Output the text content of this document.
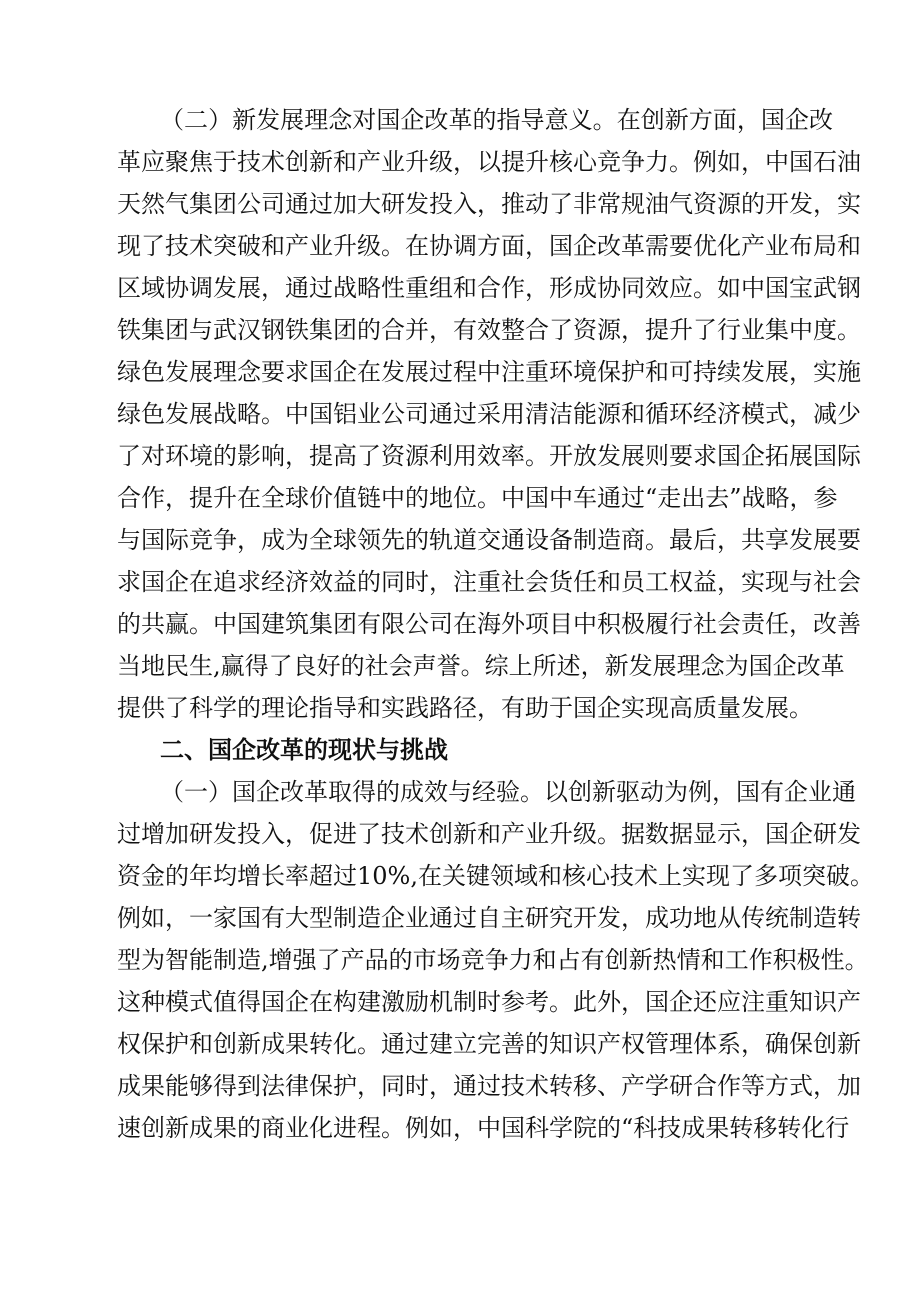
（二）新发展理念对国企改革的指导意义。在创新方面，国企改
革应聚焦于技术创新和产业升级，以提升核心竞争力。例如，中国石油
天然气集团公司通过加大研发投入，推动了非常规油气资源的开发，实
现了技术突破和产业升级。在协调方面，国企改革需要优化产业布局和
区域协调发展，通过战略性重组和合作，形成协同效应。如中国宝武钢
铁集团与武汉钢铁集团的合并，有效整合了资源，提升了行业集中度。
绿色发展理念要求国企在发展过程中注重环境保护和可持续发展，实施
绿色发展战略。中国铝业公司通过采用清洁能源和循环经济模式，减少
了对环境的影响，提高了资源利用效率。开放发展则要求国企拓展国际
合作，提升在全球价值链中的地位。中国中车通过“走出去”战略，参
与国际竞争，成为全球领先的轨道交通设备制造商。最后，共享发展要
求国企在追求经济效益的同时，注重社会货任和员工权益，实现与社会
的共赢。中国建筑集团有限公司在海外项目中积极履行社会责任，改善
当地民生,赢得了良好的社会声誉。综上所述，新发展理念为国企改革
提供了科学的理论指导和实践路径，有助于国企实现高质量发展。
二、国企改革的现状与挑战
（一）国企改革取得的成效与经验。以创新驱动为例，国有企业通
过增加研发投入，促进了技术创新和产业升级。据数据显示，国企研发
资金的年均增长率超过10%,在关键领域和核心技术上实现了多项突破。
例如，一家国有大型制造企业通过自主研究开发，成功地从传统制造转
型为智能制造,增强了产品的市场竞争力和占有创新热情和工作积极性。
这种模式值得国企在构建激励机制时参考。此外，国企还应注重知识产
权保护和创新成果转化。通过建立完善的知识产权管理体系，确保创新
成果能够得到法律保护，同时，通过技术转移、产学研合作等方式，加
速创新成果的商业化进程。例如，中国科学院的“科技成果转移转化行
